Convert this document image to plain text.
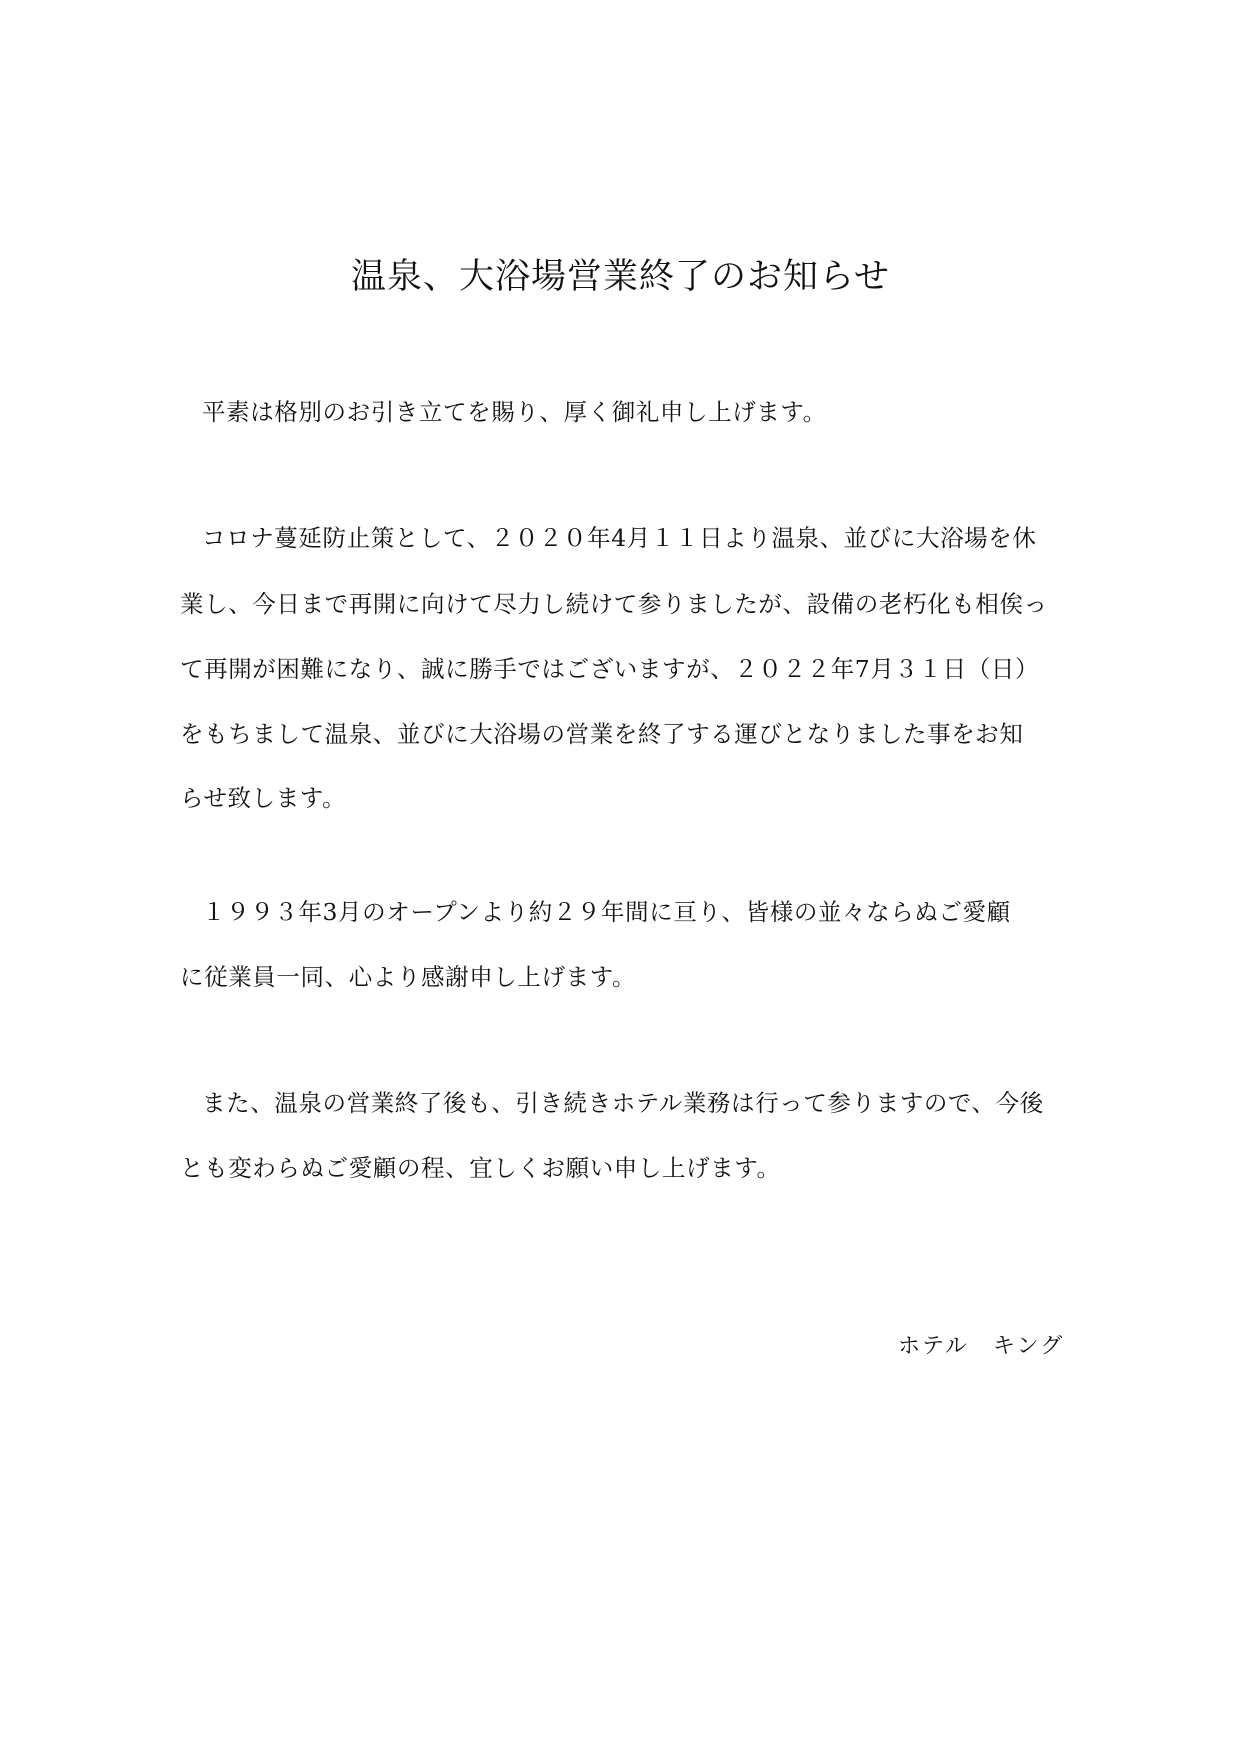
温泉、大浴場営業終了のお知らせ
平素は格別のお引き立てを賜り、厚く御礼申し上げます。
コロナ蔓延防止策として、２０２０年4月１１日より温泉、並びに大浴場を休
業し、今日まで再開に向けて尽力し続けて参りましたが、設備の老朽化も相俟っ
て再開が困難になり、誠に勝手ではございますが、２０２２年7月３１日（日）
をもちまして温泉、並びに大浴場の営業を終了する運びとなりました事をお知
らせ致します。
１９９３年3月のオープンより約２９年間に亘り、皆様の並々ならぬご愛顧
に従業員一同、心より感謝申し上げます。
また、温泉の営業終了後も、引き続きホテル業務は行って参りますので、今後
とも変わらぬご愛顧の程、宜しくお願い申し上げます。
ホテル　キング
